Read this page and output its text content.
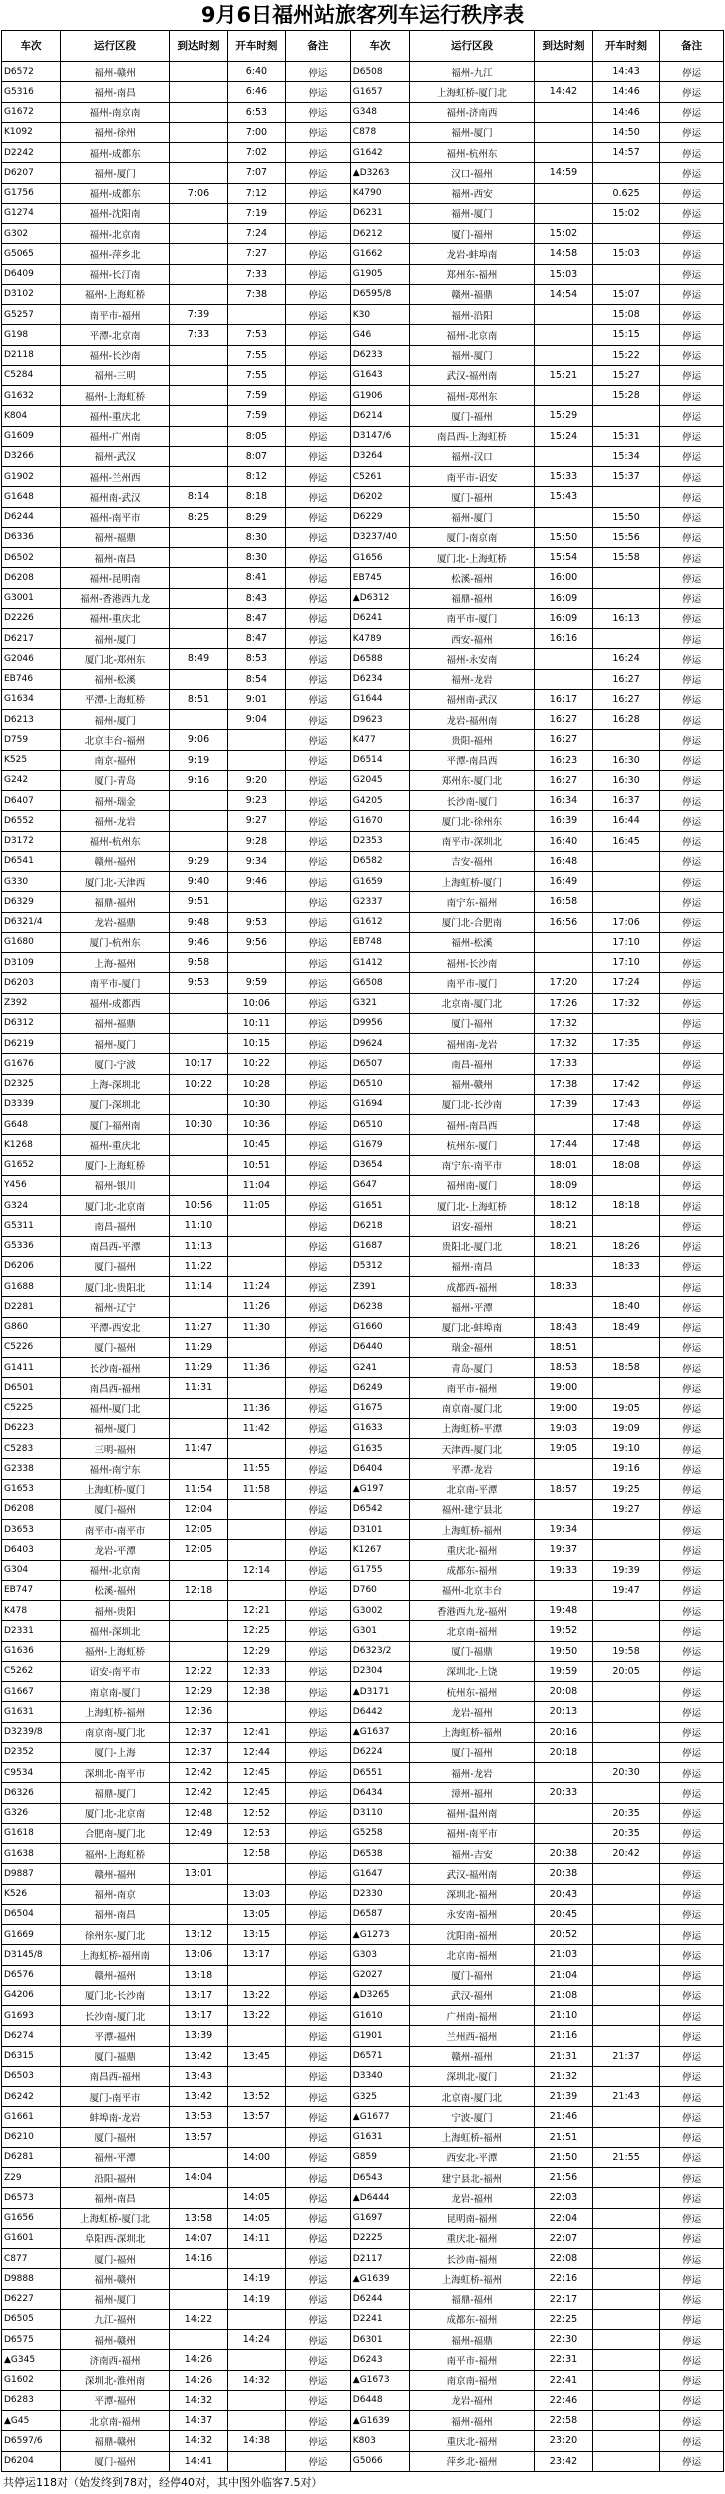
9月6日福州站旅客列车运行秩序表
车次	运行区段	到达时刻	开车时刻	备注	车次	运行区段	到达时刻	开车时刻	备注
D6572	福州-赣州		6:40	停运	D6508	福州-九江		14:43	停运
G5316	福州-南昌		6:46	停运	G1657	上海虹桥-厦门北	14:42	14:46	停运
G1672	福州-南京南		6:53	停运	G348	福州-济南西		14:46	停运
K1092	福州-徐州		7:00	停运	C878	福州-厦门		14:50	停运
D2242	福州-成都东		7:02	停运	G1642	福州-杭州东		14:57	停运
D6207	福州-厦门		7:07	停运	▲D3263	汉口-福州	14:59		停运
G1756	福州-成都东	7:06	7:12	停运	K4790	福州-西安		0.625	停运
G1274	福州-沈阳南		7:19	停运	D6231	福州-厦门		15:02	停运
G302	福州-北京南		7:24	停运	D6212	厦门-福州	15:02		停运
G5065	福州-萍乡北		7:27	停运	G1662	龙岩-蚌埠南	14:58	15:03	停运
D6409	福州-长汀南		7:33	停运	G1905	郑州东-福州	15:03		停运
D3102	福州-上海虹桥		7:38	停运	D6595/8	赣州-福鼎	14:54	15:07	停运
G5257	南平市-福州	7:39		停运	K30	福州-沿阳		15:08	停运
G198	平潭-北京南	7:33	7:53	停运	G46	福州-北京南		15:15	停运
D2118	福州-长沙南		7:55	停运	D6233	福州-厦门		15:22	停运
C5284	福州-三明		7:55	停运	G1643	武汉-福州南	15:21	15:27	停运
G1632	福州-上海虹桥		7:59	停运	G1906	福州-郑州东		15:28	停运
K804	福州-重庆北		7:59	停运	D6214	厦门-福州	15:29		停运
G1609	福州-广州南		8:05	停运	D3147/6	南昌西-上海虹桥	15:24	15:31	停运
D3266	福州-武汉		8:07	停运	D3264	福州-汉口		15:34	停运
G1902	福州-兰州西		8:12	停运	C5261	南平市-诏安	15:33	15:37	停运
G1648	福州南-武汉	8:14	8:18	停运	D6202	厦门-福州	15:43		停运
D6244	福州-南平市	8:25	8:29	停运	D6229	福州-厦门		15:50	停运
D6336	福州-福鼎		8:30	停运	D3237/40	厦门-南京南	15:50	15:56	停运
D6502	福州-南昌		8:30	停运	G1656	厦门北-上海虹桥	15:54	15:58	停运
D6208	福州-昆明南		8:41	停运	EB745	松溪-福州	16:00		停运
G3001	福州-香港西九龙		8:43	停运	▲D6312	福鼎-福州	16:09		停运
D2226	福州-重庆北		8:47	停运	D6241	南平市-厦门	16:09	16:13	停运
D6217	福州-厦门		8:47	停运	K4789	西安-福州	16:16		停运
G2046	厦门北-郑州东	8:49	8:53	停运	D6588	福州-永安南		16:24	停运
EB746	福州-松溪		8:54	停运	D6234	福州-龙岩		16:27	停运
G1634	平潭-上海虹桥	8:51	9:01	停运	G1644	福州南-武汉	16:17	16:27	停运
D6213	福州-厦门		9:04	停运	D9623	龙岩-福州南	16:27	16:28	停运
D759	北京丰台-福州	9:06		停运	K477	贵阳-福州	16:27		停运
K525	南京-福州	9:19		停运	D6514	平潭-南昌西	16:23	16:30	停运
G242	厦门-青岛	9:16	9:20	停运	G2045	郑州东-厦门北	16:27	16:30	停运
D6407	福州-瑞金		9:23	停运	G4205	长沙南-厦门	16:34	16:37	停运
D6552	福州-龙岩		9:27	停运	G1670	厦门北-徐州东	16:39	16:44	停运
D3172	福州-杭州东		9:28	停运	D2353	南平市-深圳北	16:40	16:45	停运
D6541	赣州-福州	9:29	9:34	停运	D6582	吉安-福州	16:48		停运
G330	厦门北-天津西	9:40	9:46	停运	G1659	上海虹桥-厦门	16:49		停运
D6329	福鼎-福州	9:51		停运	G2337	南宁东-福州	16:58		停运
D6321/4	龙岩-福鼎	9:48	9:53	停运	G1612	厦门北-合肥南	16:56	17:06	停运
G1680	厦门-杭州东	9:46	9:56	停运	EB748	福州-松溪		17:10	停运
D3109	上海-福州	9:58		停运	G1412	福州-长沙南		17:10	停运
D6203	南平市-厦门	9:53	9:59	停运	G6508	南平市-厦门	17:20	17:24	停运
Z392	福州-成都西		10:06	停运	G321	北京南-厦门北	17:26	17:32	停运
D6312	福州-福鼎		10:11	停运	D9956	厦门-福州	17:32		停运
D6219	福州-厦门		10:15	停运	D9624	福州南-龙岩	17:32	17:35	停运
G1676	厦门-宁波	10:17	10:22	停运	D6507	南昌-福州	17:33		停运
D2325	上海-深圳北	10:22	10:28	停运	D6510	福州-赣州	17:38	17:42	停运
D3339	厦门-深圳北		10:30	停运	G1694	厦门北-长沙南	17:39	17:43	停运
G648	厦门-福州南	10:30	10:36	停运	D6510	福州-南昌西		17:48	停运
K1268	福州-重庆北		10:45	停运	G1679	杭州东-厦门	17:44	17:48	停运
G1652	厦门-上海虹桥		10:51	停运	D3654	南宁东-南平市	18:01	18:08	停运
Y456	福州-银川		11:04	停运	G647	福州南-厦门	18:09		停运
G324	厦门北-北京南	10:56	11:05	停运	G1651	厦门北-上海虹桥	18:12	18:18	停运
G5311	南昌-福州	11:10		停运	D6218	诏安-福州	18:21		停运
G5336	南昌西-平潭	11:13		停运	G1687	贵阳北-厦门北	18:21	18:26	停运
D6206	厦门-福州	11:22		停运	D5312	福州-南昌		18:33	停运
G1688	厦门北-贵阳北	11:14	11:24	停运	Z391	成都西-福州	18:33		停运
D2281	福州-辽宁		11:26	停运	D6238	福州-平潭		18:40	停运
G860	平潭-西安北	11:27	11:30	停运	G1660	厦门北-蚌埠南	18:43	18:49	停运
C5226	厦门-福州	11:29		停运	D6440	瑞金-福州	18:51		停运
G1411	长沙南-福州	11:29	11:36	停运	G241	青岛-厦门	18:53	18:58	停运
D6501	南昌西-福州	11:31		停运	D6249	南平市-福州	19:00		停运
C5225	福州-厦门北		11:36	停运	G1675	南京南-厦门北	19:00	19:05	停运
D6223	福州-厦门		11:42	停运	G1633	上海虹桥-平潭	19:03	19:09	停运
C5283	三明-福州	11:47		停运	G1635	天津西-厦门北	19:05	19:10	停运
G2338	福州-南宁东		11:55	停运	D6404	平潭-龙岩		19:16	停运
G1653	上海虹桥-厦门	11:54	11:58	停运	▲G197	北京南-平潭	18:57	19:25	停运
D6208	厦门-福州	12:04		停运	D6542	福州-建宁县北		19:27	停运
D3653	南平市-南平市	12:05		停运	D3101	上海虹桥-福州	19:34		停运
D6403	龙岩-平潭	12:05		停运	K1267	重庆北-福州	19:37		停运
G304	福州-北京南		12:14	停运	G1755	成都东-福州	19:33	19:39	停运
EB747	松溪-福州	12:18		停运	D760	福州-北京丰台		19:47	停运
K478	福州-贵阳		12:21	停运	G3002	香港西九龙-福州	19:48		停运
D2331	福州-深圳北		12:25	停运	G301	北京南-福州	19:52		停运
G1636	福州-上海虹桥		12:29	停运	D6323/2	厦门-福鼎	19:50	19:58	停运
C5262	诏安-南平市	12:22	12:33	停运	D2304	深圳北-上饶	19:59	20:05	停运
G1667	南京南-厦门	12:29	12:38	停运	▲D3171	杭州东-福州	20:08		停运
G1631	上海虹桥-福州	12:36		停运	D6442	龙岩-福州	20:13		停运
D3239/8	南京南-厦门北	12:37	12:41	停运	▲G1637	上海虹桥-福州	20:16		停运
D2352	厦门-上海	12:37	12:44	停运	D6224	厦门-福州	20:18		停运
C9534	深圳北-南平市	12:42	12:45	停运	D6551	福州-龙岩		20:30	停运
D6326	福鼎-厦门	12:42	12:45	停运	D6434	漳州-福州	20:33		停运
G326	厦门北-北京南	12:48	12:52	停运	D3110	福州-温州南		20:35	停运
G1618	合肥南-厦门北	12:49	12:53	停运	G5258	福州-南平市		20:35	停运
G1638	福州-上海虹桥		12:58	停运	D6538	福州-吉安	20:38	20:42	停运
D9887	赣州-福州	13:01		停运	G1647	武汉-福州南	20:38		停运
K526	福州-南京		13:03	停运	D2330	深圳北-福州	20:43		停运
D6504	福州-南昌		13:05	停运	D6587	永安南-福州	20:45		停运
G1669	徐州东-厦门北	13:12	13:15	停运	▲G1273	沈阳南-福州	20:52		停运
D3145/8	上海虹桥-福州南	13:06	13:17	停运	G303	北京南-福州	21:03		停运
D6576	赣州-福州	13:18		停运	G2027	厦门-福州	21:04		停运
G4206	厦门北-长沙南	13:17	13:22	停运	▲D3265	武汉-福州	21:08		停运
G1693	长沙南-厦门北	13:17	13:22	停运	G1610	广州南-福州	21:10		停运
D6274	平潭-福州	13:39		停运	G1901	兰州西-福州	21:16		停运
D6315	厦门-福鼎	13:42	13:45	停运	D6571	赣州-福州	21:31	21:37	停运
D6503	南昌西-福州	13:43		停运	D3340	深圳北-厦门	21:32		停运
D6242	厦门-南平市	13:42	13:52	停运	G325	北京南-厦门北	21:39	21:43	停运
G1661	蚌埠南-龙岩	13:53	13:57	停运	▲G1677	宁波-厦门	21:46		停运
D6210	厦门-福州	13:57		停运	G1631	上海虹桥-福州	21:51		停运
D6281	福州-平潭		14:00	停运	G859	西安北-平潭	21:50	21:55	停运
Z29	沿阳-福州	14:04		停运	D6543	建宁县北-福州	21:56		停运
D6573	福州-南昌		14:05	停运	▲D6444	龙岩-福州	22:03		停运
G1656	上海虹桥-厦门北	13:58	14:05	停运	G1697	昆明南-福州	22:04		停运
G1601	阜阳西-深圳北	14:07	14:11	停运	D2225	重庆北-福州	22:07		停运
C877	厦门-福州	14:16		停运	D2117	长沙南-福州	22:08		停运
D9888	福州-赣州		14:19	停运	▲G1639	上海虹桥-福州	22:16		停运
D6227	福州-厦门		14:19	停运	D6244	福鼎-福州	22:17		停运
D6505	九江-福州	14:22		停运	D2241	成都东-福州	22:25		停运
D6575	福州-赣州		14:24	停运	D6301	福州-福鼎	22:30		停运
▲G345	济南西-福州	14:26		停运	D6243	南平市-福州	22:31		停运
G1602	深圳北-淮州南	14:26	14:32	停运	▲G1673	南京南-福州	22:41		停运
D6283	平潭-福州	14:32		停运	D6448	龙岩-福州	22:46		停运
▲G45	北京南-福州	14:37		停运	▲G1639	福州-福州	22:58		停运
D6597/6	福鼎-赣州	14:32	14:38	停运	K803	重庆北-福州	23:20		停运
D6204	厦门-福州	14:41		停运	G5066	萍乡北-福州	23:42		停运
共停运118对（始发终到78对，经停40对，其中图外临客7.5对）
